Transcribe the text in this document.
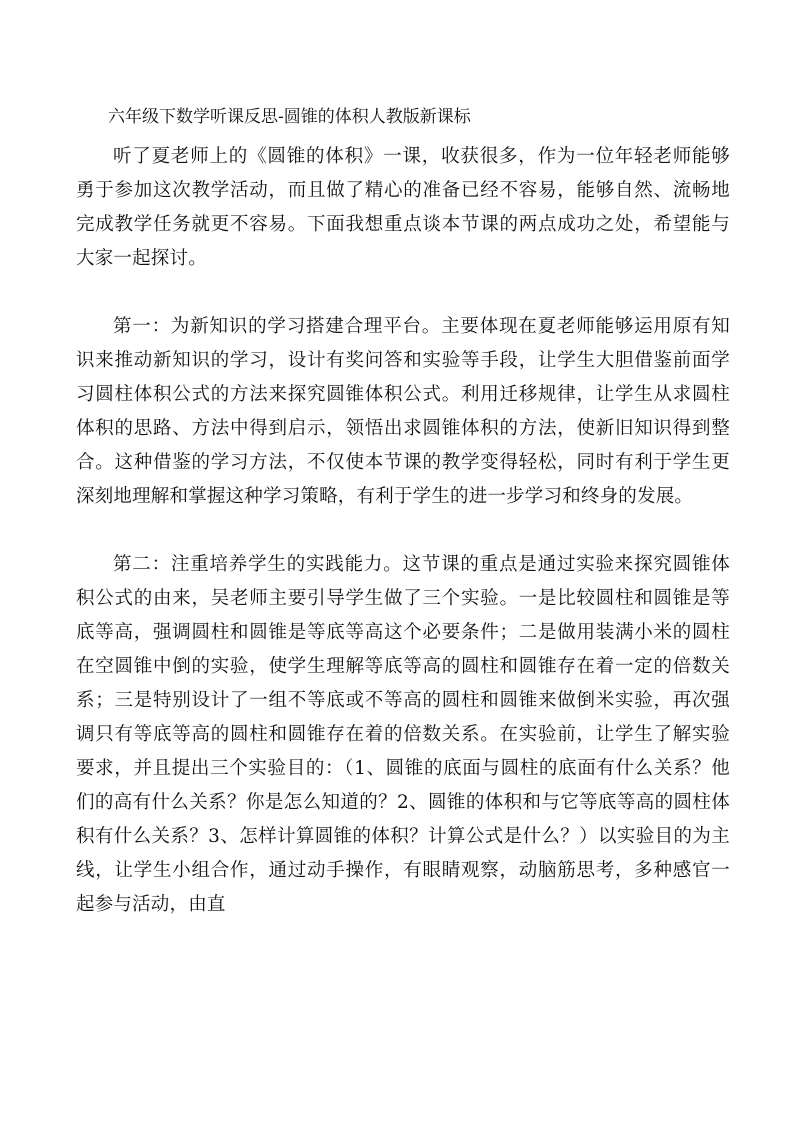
六年级下数学听课反思-圆锥的体积人教版新课标

听了夏老师上的《圆锥的体积》一课，收获很多，作为一位年轻老师能够勇于参加这次教学活动，而且做了精心的准备已经不容易，能够自然、流畅地完成教学任务就更不容易。下面我想重点谈本节课的两点成功之处，希望能与大家一起探讨。

第一：为新知识的学习搭建合理平台。主要体现在夏老师能够运用原有知识来推动新知识的学习，设计有奖问答和实验等手段，让学生大胆借鉴前面学习圆柱体积公式的方法来探究圆锥体积公式。利用迁移规律，让学生从求圆柱体积的思路、方法中得到启示，领悟出求圆锥体积的方法，使新旧知识得到整合。这种借鉴的学习方法，不仅使本节课的教学变得轻松，同时有利于学生更深刻地理解和掌握这种学习策略，有利于学生的进一步学习和终身的发展。

第二：注重培养学生的实践能力。这节课的重点是通过实验来探究圆锥体积公式的由来，吴老师主要引导学生做了三个实验。一是比较圆柱和圆锥是等底等高，强调圆柱和圆锥是等底等高这个必要条件；二是做用装满小米的圆柱在空圆锥中倒的实验，使学生理解等底等高的圆柱和圆锥存在着一定的倍数关系；三是特别设计了一组不等底或不等高的圆柱和圆锥来做倒米实验，再次强调只有等底等高的圆柱和圆锥存在着的倍数关系。在实验前，让学生了解实验要求，并且提出三个实验目的：（1、圆锥的底面与圆柱的底面有什么关系？他们的高有什么关系？你是怎么知道的？2、圆锥的体积和与它等底等高的圆柱体积有什么关系？3、怎样计算圆锥的体积？计算公式是什么？）以实验目的为主线，让学生小组合作，通过动手操作，有眼睛观察，动脑筋思考，多种感官一起参与活动，由直
